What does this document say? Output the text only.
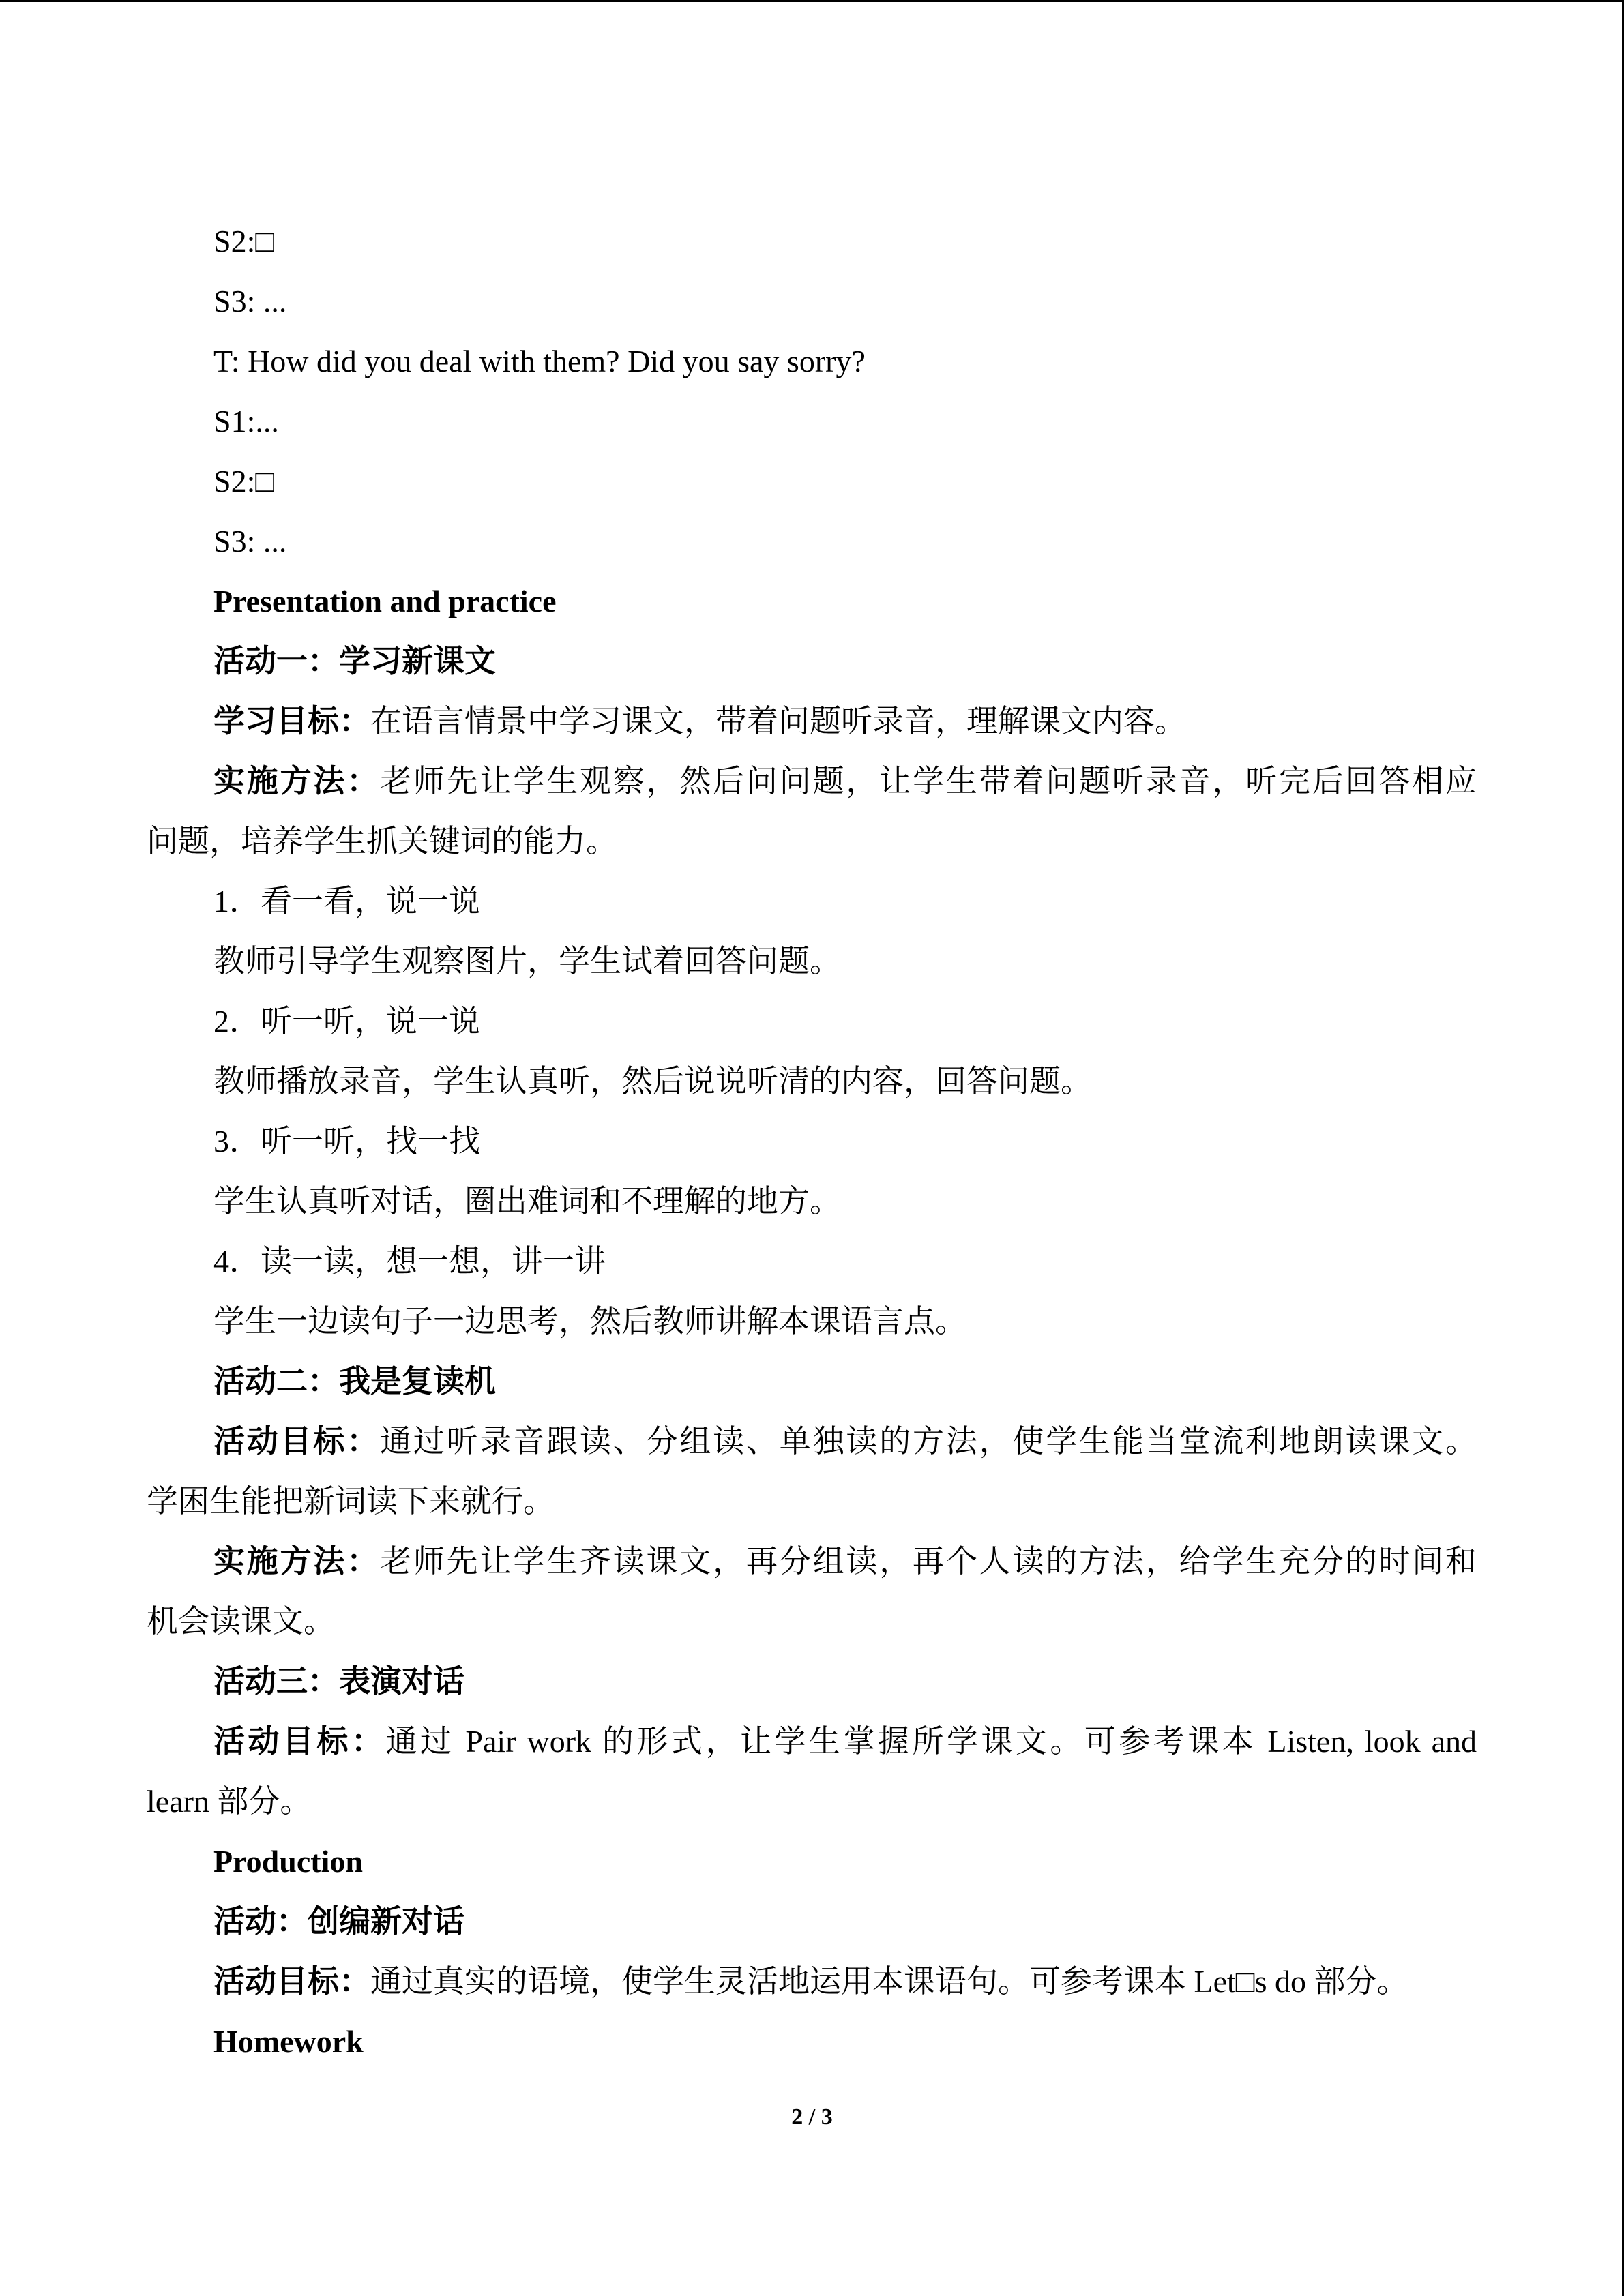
S2:□
S3: ...
T: How did you deal with them? Did you say sorry?
S1:...
S2:□
S3: ...
Presentation and practice
活动一：学习新课文
学习目标：在语言情景中学习课文，带着问题听录音，理解课文内容。
实施方法：老师先让学生观察，然后问问题，让学生带着问题听录音，听完后回答相应
问题，培养学生抓关键词的能力。
1．看一看，说一说
教师引导学生观察图片，学生试着回答问题。
2．听一听，说一说
教师播放录音，学生认真听，然后说说听清的内容，回答问题。
3．听一听，找一找
学生认真听对话，圈出难词和不理解的地方。
4．读一读，想一想，讲一讲
学生一边读句子一边思考，然后教师讲解本课语言点。
活动二：我是复读机
活动目标：通过听录音跟读、分组读、单独读的方法，使学生能当堂流利地朗读课文。
学困生能把新词读下来就行。
实施方法：老师先让学生齐读课文，再分组读，再个人读的方法，给学生充分的时间和
机会读课文。
活动三：表演对话
活动目标：通过 Pair work 的形式，让学生掌握所学课文。可参考课本 Listen, look and
learn 部分。
Production
活动：创编新对话
活动目标：通过真实的语境，使学生灵活地运用本课语句。可参考课本 Let□s do 部分。
Homework
2 / 3
